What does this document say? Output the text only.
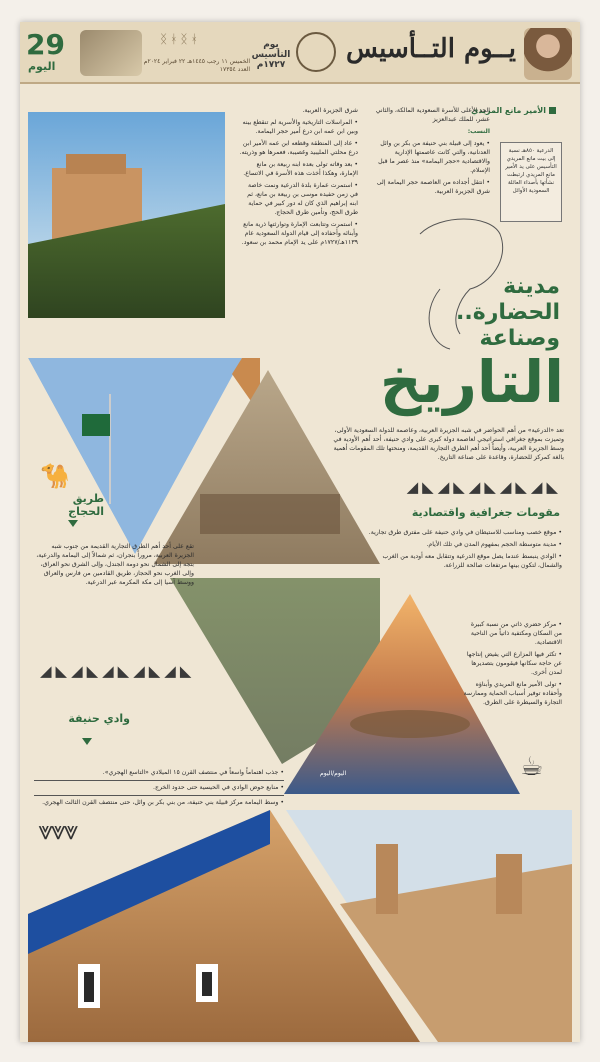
29
اليوم
ᛝᚼᛝᚼ
الخميس ١١ رجب ١٤٤٥هـ ٢٢ فبراير ٢٠٢٤م العدد ١٧٣٥٤
يوم التأسيس ١٧٢٧م
يــوم التــأسيس
الأمير مانع المريدي
الدرعية ٨٥٠هـ نسبة إلى بيت مانع المريدي التأسيس على يد الأمير مانع المريدي ارتبطت نشأتها بأصداء العائلة السعودية الأوائل

الجد الأعلى للأسرة السعودية المالكة، والثاني عشر، للملك عبدالعزيز

النسب:

• يعود إلى قبيلة بني حنيفة من بكر بن وائل العدنانية، والتي كانت عاصمتها الإدارية والاقتصادية «حجر اليمامة» منذ عصر ما قبل الإسلام.

• انتقل أجداده من العاصمة حجر اليمامة إلى شرق الجزيرة العربية.

شرق الجزيرة العربية.

• المراسلات التاريخية والأسرية لم تنقطع بينه وبين ابن عمه ابن درع أمير حجر اليمامة.

• عاد إلى المنطقة وقطعه ابن عمه الأمير ابن درع محلتي المليبيد وغصيبة، فعمرها هو وذريته.

• بعد وفاته تولى بعده ابنه ربيعة بن مانع الإمارة، وهكذا أخذت هذه الأسرة في الاتساع.

• استمرت عمارة بلدة الدرعية ونمت خاصة في زمن حفيده موسى بن ربيعة بن مانع، ثم ابنه إبراهيم الذي كان له دور كبير في حماية طرق الحج، وتأمين طرق الحجاج.

• استمرت وتتابعت الإمارة وتوارثتها ذرية مانع وأبنائه وأحفاده إلى قيام الدولة السعودية عام ١١٣٩هـ/١٧٢٧م على يد الإمام محمد بن سعود.

مدينة الحضارة.. وصناعة
التاريخ
تعد «الدرعية» من أهم الحواضر في شبه الجزيرة العربية، وعاصمة للدولة السعودية الأولى، وتميزت بموقع جغرافي استراتيجي لعاصمة دولة كبرى على وادي حنيفة، أحد أهم الأودية في وسط الجزيرة العربية، وأيضاً أحد أهم الطرق التجارية القديمة، ومنحتها تلك المقومات أهمية بالغة كمركز للحضارة، وقاعدة على صناعة التاريخ.
◢◣◢◣◢◣◢◣◢◣
مقومات جغرافية واقتصادية

• موقع خصب ومناسب للاستيطان في وادي حنيفة على مفترق طرق تجارية.

• مدينة متوسطة الحجم بمفهوم المدن في تلك الأيام.

• الوادي ينبسط عندما يصل موقع الدرعية وتتقابل معه أودية من الغرب والشمال، لتكون بينها مرتفعات صالحة للزراعة.

• مركز حضري ذاتي من نسبة كبيرة من السكان ومكتفية ذاتياً من الناحية الاقتصادية.

• تكثر فيها المزارع التي يفيض إنتاجها عن حاجة سكانها فيقومون بتصديرها لمدن أخرى.

• تولى الأمير مانع المريدي وأبناؤه وأحفاده توفير أسباب الحماية وممارسة التجارة والسيطرة على الطرق.

☕
🐪
طريق الحجاج
تقع على أحد أهم الطرق التجارية القديمة من جنوب شبه الجزيرة العربية، مروراً بنجران، ثم شمالاً إلى اليمامة والدرعية، بتجه إلى الشمال نحو دومة الجندل، وإلى الشرق نحو العراق، وإلى الغرب نحو الحجاز، طريق القادمين من فارس والعراق ووسط آسيا إلى مكة المكرمة عبر الدرعية.
◢◣◢◣◢◣◢◣◢◣
وادي حنيفة

• جذب اهتماماً واسعاً في منتصف القرن ١٥ الميلادي «التاسع الهجري».

• منابع حوض الوادي في الحيسية حتى حدود الخرج.

• وسط اليمامة مركز قبيلة بني حنيفة، من بني بكر بن وائل، حتى منتصف القرن الثالث الهجري.

⩔⩔⩔
اليوم/اليوم
